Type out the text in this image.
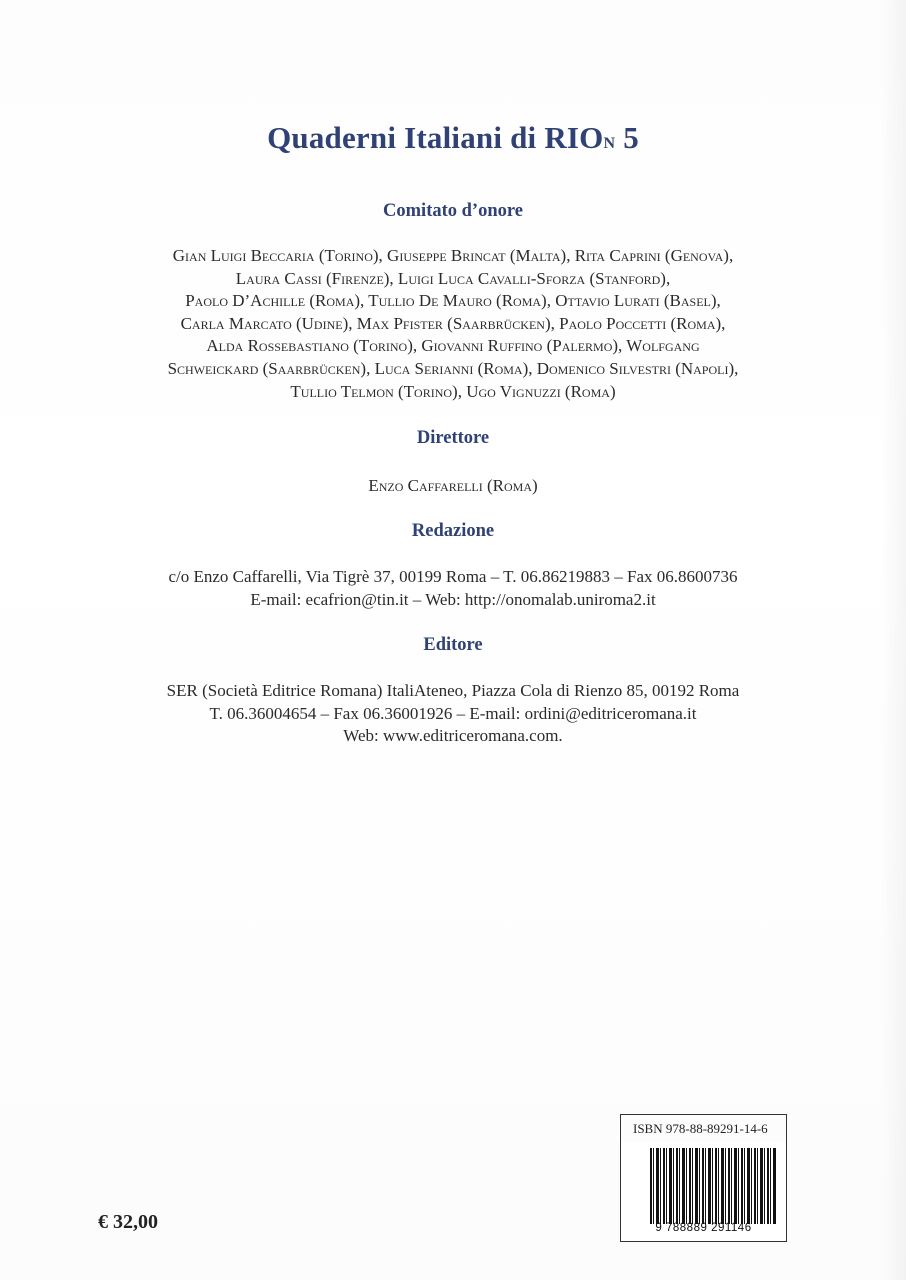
Quaderni Italiani di RIOn 5
Comitato d’onore
Gian Luigi Beccaria (Torino), Giuseppe Brincat (Malta), Rita Caprini (Genova),
Laura Cassi (Firenze), Luigi Luca Cavalli-Sforza (Stanford),
Paolo D’Achille (Roma), Tullio De Mauro (Roma), Ottavio Lurati (Basel),
Carla Marcato (Udine), Max Pfister (Saarbrücken), Paolo Poccetti (Roma),
Alda Rossebastiano (Torino), Giovanni Ruffino (Palermo), Wolfgang
Schweickard (Saarbrücken), Luca Serianni (Roma), Domenico Silvestri (Napoli),
Tullio Telmon (Torino), Ugo Vignuzzi (Roma)
Direttore
Enzo Caffarelli (Roma)
Redazione
c/o Enzo Caffarelli, Via Tigrè 37, 00199 Roma – T. 06.86219883 – Fax 06.8600736
E-mail: ecafrion@tin.it – Web: http://onomalab.uniroma2.it
Editore
SER (Società Editrice Romana) ItaliAteneo, Piazza Cola di Rienzo 85, 00192 Roma
T. 06.36004654 – Fax 06.36001926 – E-mail: ordini@editriceromana.it
Web: www.editriceromana.com.
ISBN 978-88-89291-14-6
9 788889 291146
€ 32,00
